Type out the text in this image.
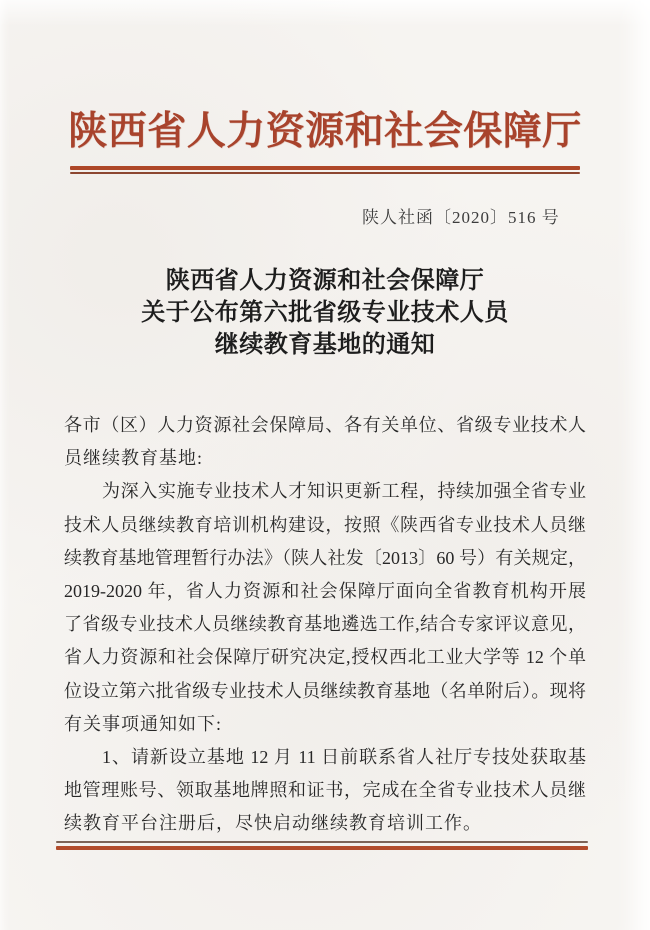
陕西省人力资源和社会保障厅
陕人社函〔2020〕516 号
陕西省人力资源和社会保障厅
关于公布第六批省级专业技术人员
继续教育基地的通知
各市（区）人力资源社会保障局、各有关单位、省级专业技术人
员继续教育基地:
为深入实施专业技术人才知识更新工程，持续加强全省专业
技术人员继续教育培训机构建设，按照《陕西省专业技术人员继
续教育基地管理暂行办法》（陕人社发〔2013〕60 号）有关规定，
2019-2020 年，省人力资源和社会保障厅面向全省教育机构开展
了省级专业技术人员继续教育基地遴选工作,结合专家评议意见，
省人力资源和社会保障厅研究决定,授权西北工业大学等 12 个单
位设立第六批省级专业技术人员继续教育基地（名单附后）。现将
有关事项通知如下:
1、请新设立基地 12 月 11 日前联系省人社厅专技处获取基
地管理账号、领取基地牌照和证书，完成在全省专业技术人员继
续教育平台注册后，尽快启动继续教育培训工作。
